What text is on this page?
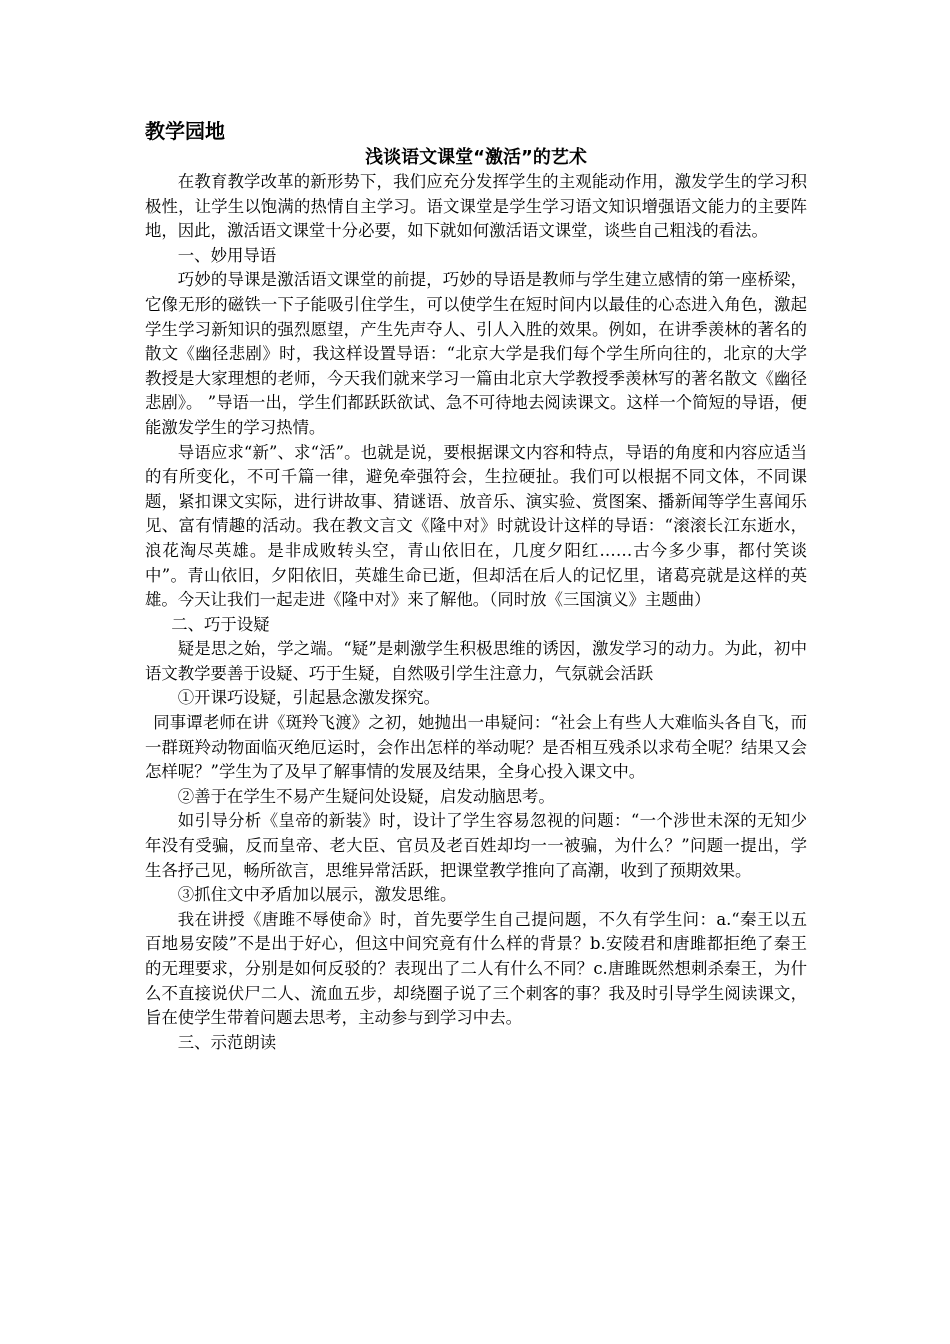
教学园地
浅谈语文课堂“激活”的艺术

在教育教学改革的新形势下，我们应充分发挥学生的主观能动作用，激发学生的学习积极性，让学生以饱满的热情自主学习。语文课堂是学生学习语文知识增强语文能力的主要阵地，因此，激活语文课堂十分必要，如下就如何激活语文课堂，谈些自己粗浅的看法。

一、妙用导语

巧妙的导课是激活语文课堂的前提，巧妙的导语是教师与学生建立感情的第一座桥梁，它像无形的磁铁一下子能吸引住学生，可以使学生在短时间内以最佳的心态进入角色，激起学生学习新知识的强烈愿望，产生先声夺人、引人入胜的效果。例如，在讲季羡林的著名的散文《幽径悲剧》时，我这样设置导语：“北京大学是我们每个学生所向往的，北京的大学教授是大家理想的老师，今天我们就来学习一篇由北京大学教授季羡林写的著名散文《幽径悲剧》。 ”导语一出，学生们都跃跃欲试、急不可待地去阅读课文。这样一个简短的导语，便能激发学生的学习热情。

导语应求“新”、求“活”。也就是说，要根据课文内容和特点，导语的角度和内容应适当的有所变化，不可千篇一律，避免牵强符会，生拉硬扯。我们可以根据不同文体，不同课题，紧扣课文实际，进行讲故事、猜谜语、放音乐、演实验、赏图案、播新闻等学生喜闻乐见、富有情趣的活动。我在教文言文《隆中对》时就设计这样的导语：“滚滚长江东逝水，浪花淘尽英雄。是非成败转头空，青山依旧在，几度夕阳红……古今多少事，都付笑谈中”。青山依旧，夕阳依旧，英雄生命已逝，但却活在后人的记忆里，诸葛亮就是这样的英雄。今天让我们一起走进《隆中对》来了解他。（同时放《三国演义》主题曲）

二、巧于设疑

疑是思之始，学之端。“疑”是刺激学生积极思维的诱因，激发学习的动力。为此，初中语文教学要善于设疑、巧于生疑，自然吸引学生注意力，气氛就会活跃

①开课巧设疑，引起悬念激发探究。

同事谭老师在讲《斑羚飞渡》之初，她抛出一串疑问：“社会上有些人大难临头各自飞，而一群斑羚动物面临灭绝厄运时，会作出怎样的举动呢？是否相互残杀以求苟全呢？结果又会怎样呢？”学生为了及早了解事情的发展及结果，全身心投入课文中。

②善于在学生不易产生疑问处设疑，启发动脑思考。

如引导分析《皇帝的新装》时，设计了学生容易忽视的问题：“一个涉世未深的无知少年没有受骗，反而皇帝、老大臣、官员及老百姓却均一一被骗，为什么？”问题一提出，学生各抒己见，畅所欲言，思维异常活跃，把课堂教学推向了高潮，收到了预期效果。

③抓住文中矛盾加以展示，激发思维。

我在讲授《唐雎不辱使命》时，首先要学生自己提问题，不久有学生问：a.“秦王以五百地易安陵”不是出于好心，但这中间究竟有什么样的背景？b.安陵君和唐雎都拒绝了秦王的无理要求，分别是如何反驳的？表现出了二人有什么不同？c.唐雎既然想刺杀秦王，为什么不直接说伏尸二人、流血五步，却绕圈子说了三个刺客的事？我及时引导学生阅读课文，旨在使学生带着问题去思考，主动参与到学习中去。

三、示范朗读
